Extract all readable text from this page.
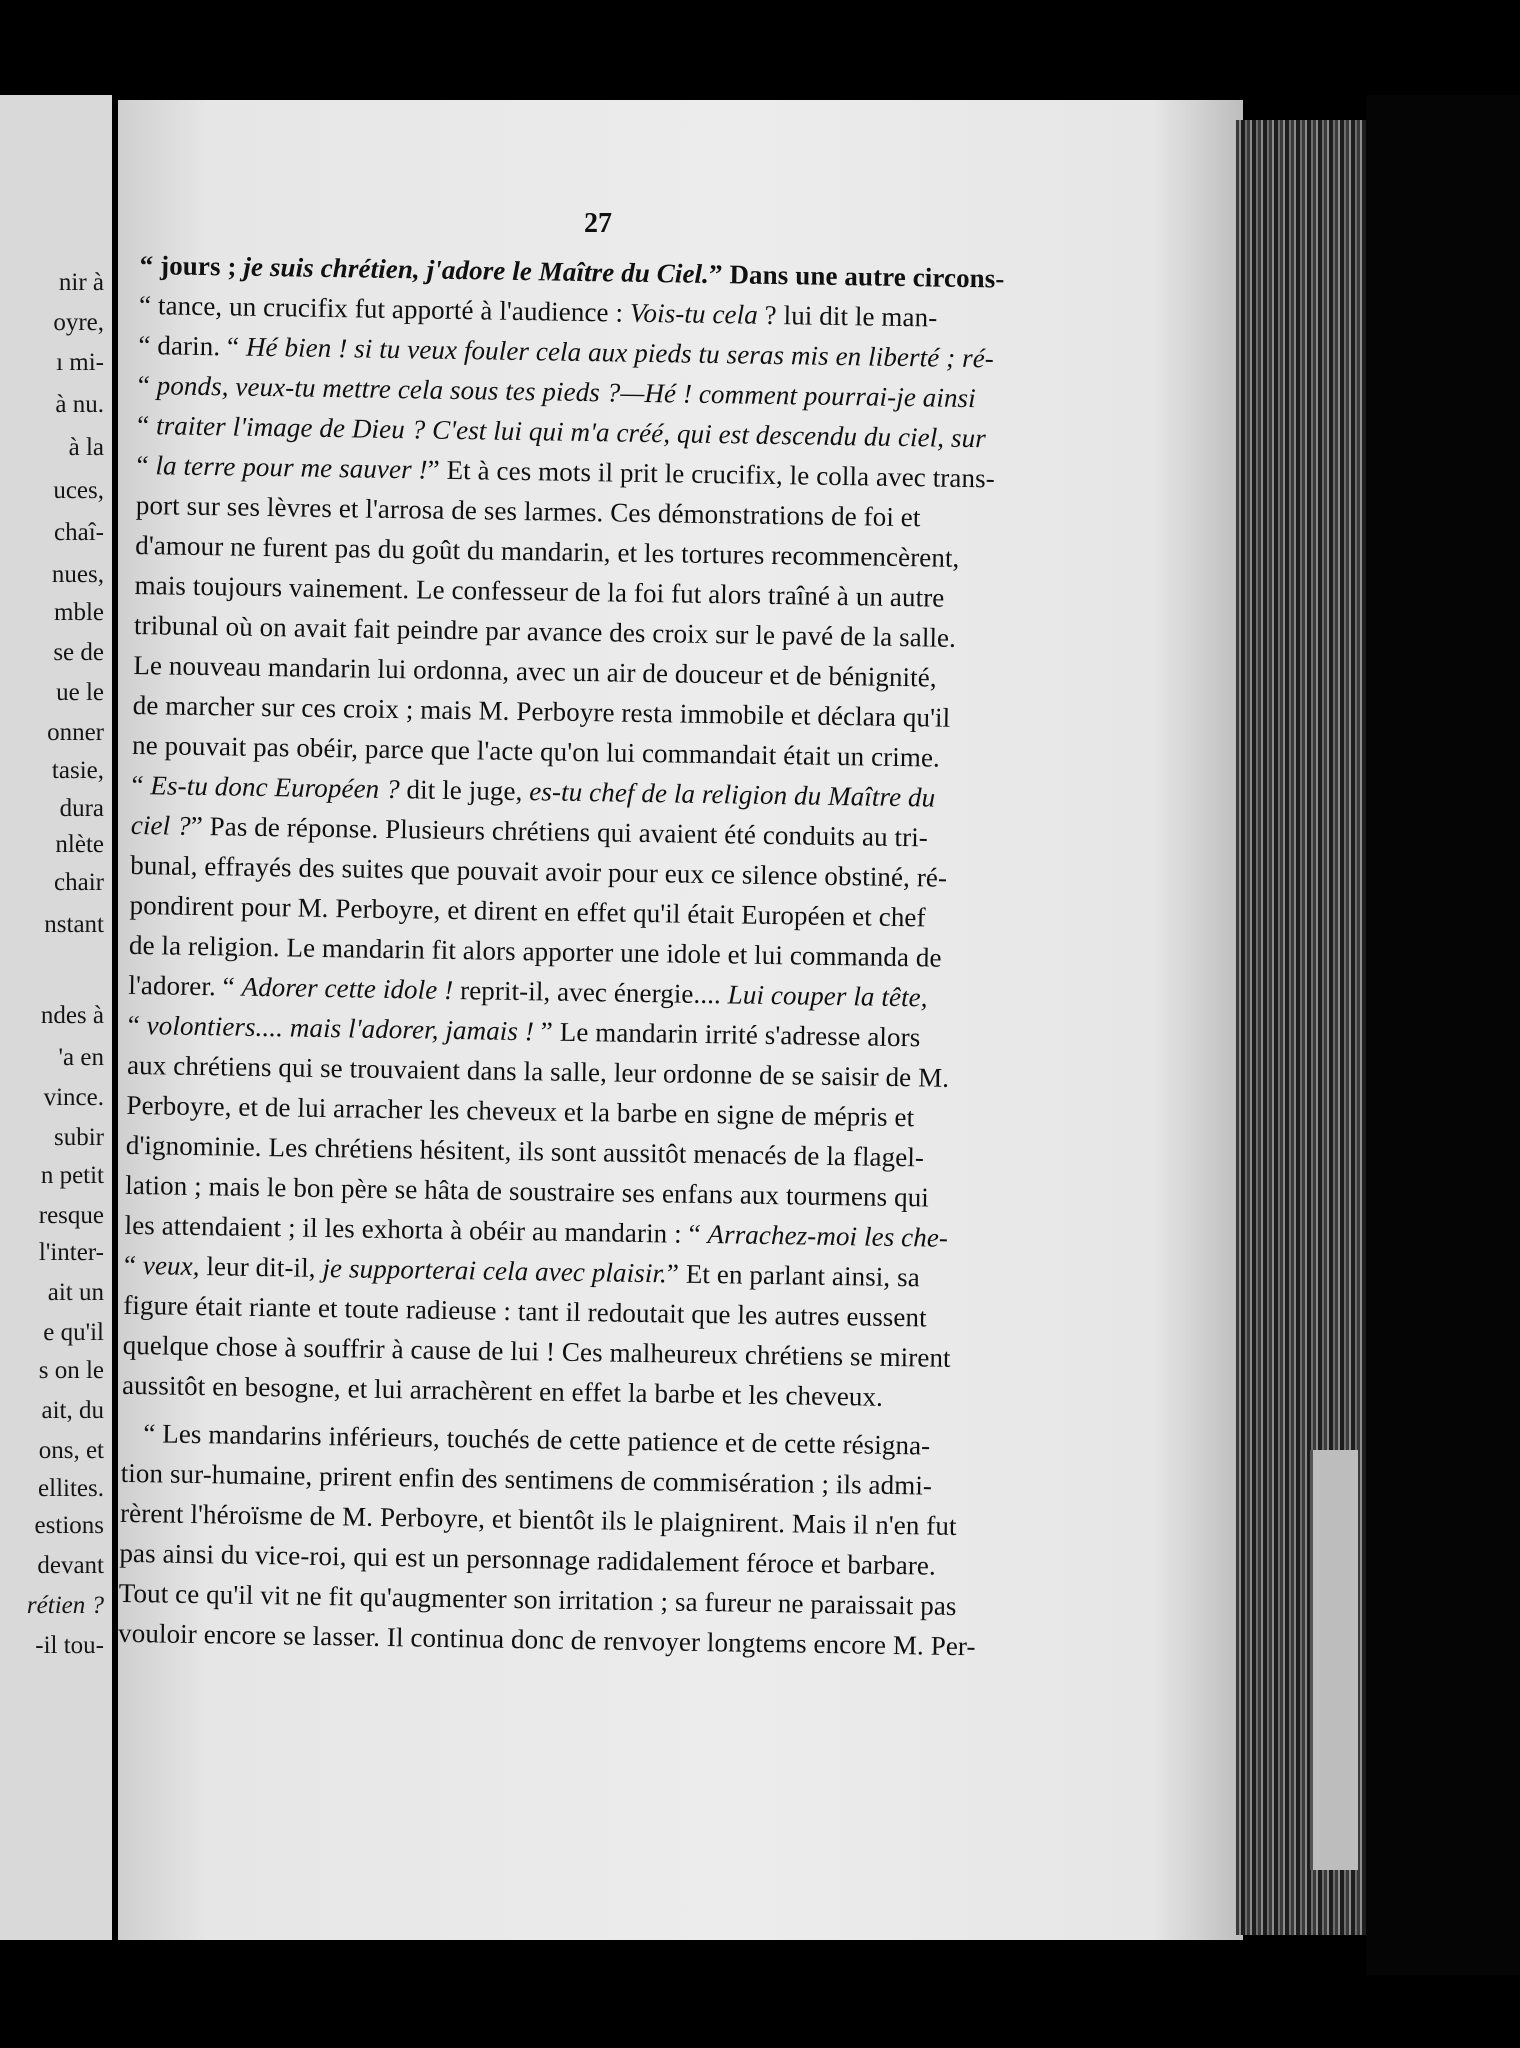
nir à
oyre,
ı mi-
à nu.
à la
uces,
chaî-
nues,
mble
se de
ue le
onner
tasie,
dura
nlète
chair
nstant
ndes à
'a en
vince.
subir
n petit
resque
l'inter-
ait un
e qu'il
s on le
ait, du
ons, et
ellites.
estions
devant
rétien ?
-il tou-
27
“ jours ; je suis chrétien, j'adore le Maître du Ciel.” Dans une autre circons-
“ tance, un crucifix fut apporté à l'audience : Vois-tu cela ? lui dit le man-
“ darin. “ Hé bien ! si tu veux fouler cela aux pieds tu seras mis en liberté ; ré-
“ ponds, veux-tu mettre cela sous tes pieds ?—Hé ! comment pourrai-je ainsi
“ traiter l'image de Dieu ? C'est lui qui m'a créé, qui est descendu du ciel, sur
“ la terre pour me sauver !” Et à ces mots il prit le crucifix, le colla avec trans-
port sur ses lèvres et l'arrosa de ses larmes. Ces démonstrations de foi et
d'amour ne furent pas du goût du mandarin, et les tortures recommencèrent,
mais toujours vainement. Le confesseur de la foi fut alors traîné à un autre
tribunal où on avait fait peindre par avance des croix sur le pavé de la salle.
Le nouveau mandarin lui ordonna, avec un air de douceur et de bénignité,
de marcher sur ces croix ; mais M. Perboyre resta immobile et déclara qu'il
ne pouvait pas obéir, parce que l'acte qu'on lui commandait était un crime.
“ Es-tu donc Européen ? dit le juge, es-tu chef de la religion du Maître du
ciel ?” Pas de réponse. Plusieurs chrétiens qui avaient été conduits au tri-
bunal, effrayés des suites que pouvait avoir pour eux ce silence obstiné, ré-
pondirent pour M. Perboyre, et dirent en effet qu'il était Européen et chef
de la religion. Le mandarin fit alors apporter une idole et lui commanda de
l'adorer. “ Adorer cette idole ! reprit-il, avec énergie.... Lui couper la tête,
“ volontiers.... mais l'adorer, jamais ! ” Le mandarin irrité s'adresse alors
aux chrétiens qui se trouvaient dans la salle, leur ordonne de se saisir de M.
Perboyre, et de lui arracher les cheveux et la barbe en signe de mépris et
d'ignominie. Les chrétiens hésitent, ils sont aussitôt menacés de la flagel-
lation ; mais le bon père se hâta de soustraire ses enfans aux tourmens qui
les attendaient ; il les exhorta à obéir au mandarin : “ Arrachez-moi les che-
“ veux, leur dit-il, je supporterai cela avec plaisir.” Et en parlant ainsi, sa
figure était riante et toute radieuse : tant il redoutait que les autres eussent
quelque chose à souffrir à cause de lui ! Ces malheureux chrétiens se mirent
aussitôt en besogne, et lui arrachèrent en effet la barbe et les cheveux.
“ Les mandarins inférieurs, touchés de cette patience et de cette résigna-
tion sur-humaine, prirent enfin des sentimens de commisération ; ils admi-
rèrent l'héroïsme de M. Perboyre, et bientôt ils le plaignirent. Mais il n'en fut
pas ainsi du vice-roi, qui est un personnage radidalement féroce et barbare.
Tout ce qu'il vit ne fit qu'augmenter son irritation ; sa fureur ne paraissait pas
vouloir encore se lasser. Il continua donc de renvoyer longtems encore M. Per-
